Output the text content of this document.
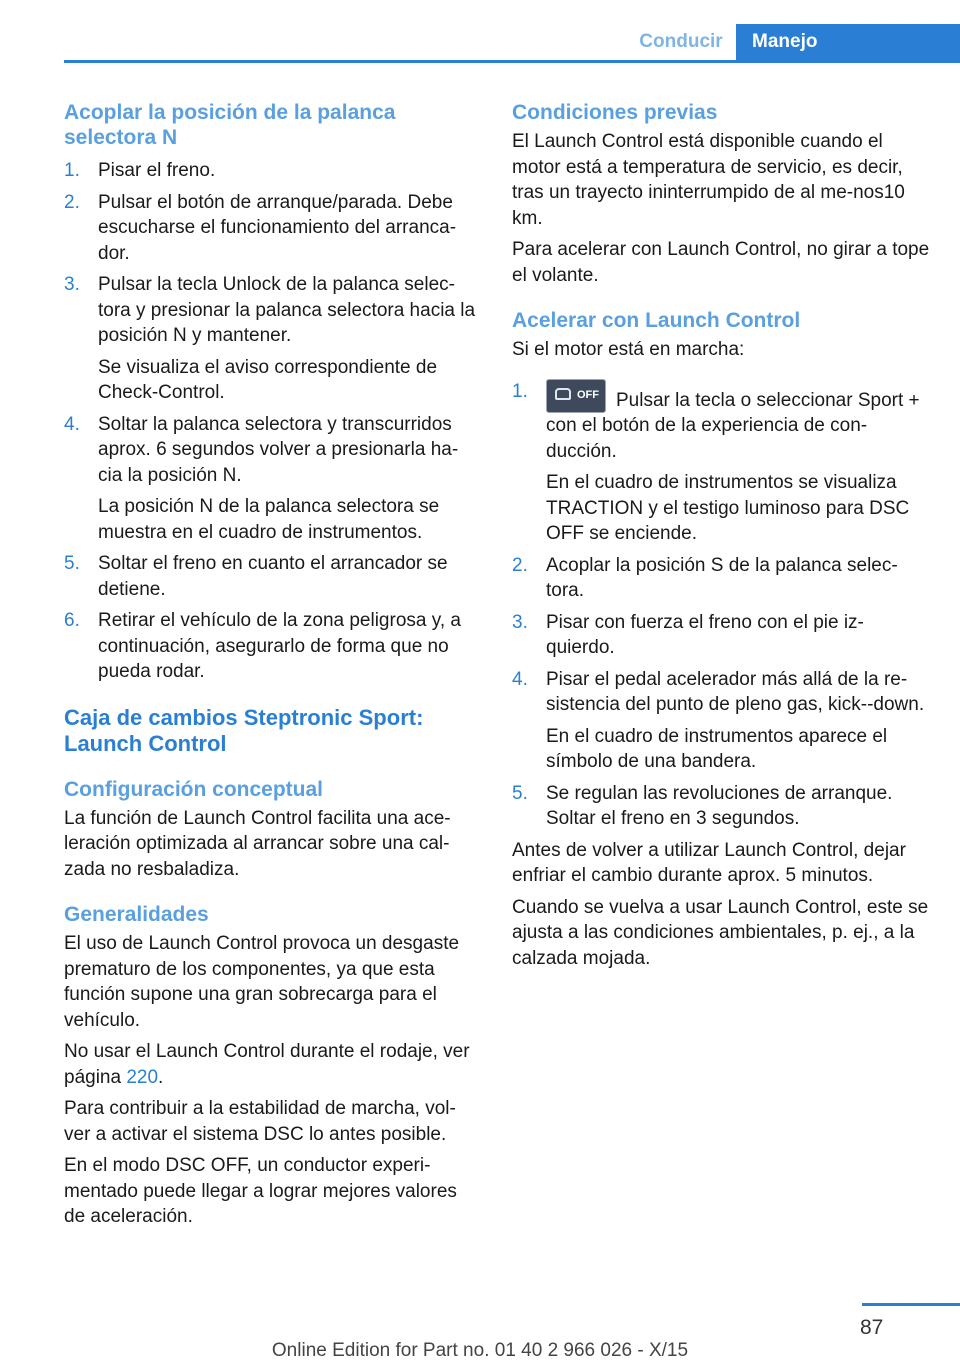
Conducir	Manejo
Acoplar la posición de la palanca selectora N
1. Pisar el freno.

2. Pulsar el botón de arranque/parada. Debe escucharse el funcionamiento del arranca‐dor.

3. Pulsar la tecla Unlock de la palanca selec‐tora y presionar la palanca selectora hacia la posición N y mantener.

Se visualiza el aviso correspondiente de Check-Control.

4. Soltar la palanca selectora y transcurridos aprox. 6 segundos volver a presionarla ha‐cia la posición N.

La posición N de la palanca selectora se muestra en el cuadro de instrumentos.

5. Soltar el freno en cuanto el arrancador se detiene.

6. Retirar el vehículo de la zona peligrosa y, a continuación, asegurarlo de forma que no pueda rodar.

Caja de cambios Steptronic Sport: Launch Control
Configuración conceptual

La función de Launch Control facilita una ace‐leración optimizada al arrancar sobre una cal‐zada no resbaladiza.

Generalidades

El uso de Launch Control provoca un desgaste prematuro de los componentes, ya que esta función supone una gran sobrecarga para el vehículo.

No usar el Launch Control durante el rodaje, ver página 220.

Para contribuir a la estabilidad de marcha, vol‐ver a activar el sistema DSC lo antes posible.

En el modo DSC OFF, un conductor experi‐mentado puede llegar a lograr mejores valores de aceleración.

Condiciones previas

El Launch Control está disponible cuando el motor está a temperatura de servicio, es decir, tras un trayecto ininterrumpido de al me‐nos10 km.

Para acelerar con Launch Control, no girar a tope el volante.

Acelerar con Launch Control

Si el motor está en marcha:

1.	OFF Pulsar la tecla o seleccionar Sport + con el botón de la experiencia de con‐ducción.

En el cuadro de instrumentos se visualiza TRACTION y el testigo luminoso para DSC OFF se enciende.

2. Acoplar la posición S de la palanca selec‐tora.

3. Pisar con fuerza el freno con el pie iz‐quierdo.

4. Pisar el pedal acelerador más allá de la re‐sistencia del punto de pleno gas, kick‐-down.

En el cuadro de instrumentos aparece el símbolo de una bandera.

5. Se regulan las revoluciones de arranque. Soltar el freno en 3 segundos.

Antes de volver a utilizar Launch Control, dejar enfriar el cambio durante aprox. 5 minutos.

Cuando se vuelva a usar Launch Control, este se ajusta a las condiciones ambientales, p. ej., a la calzada mojada.

87
Online Edition for Part no. 01 40 2 966 026 - X/15
